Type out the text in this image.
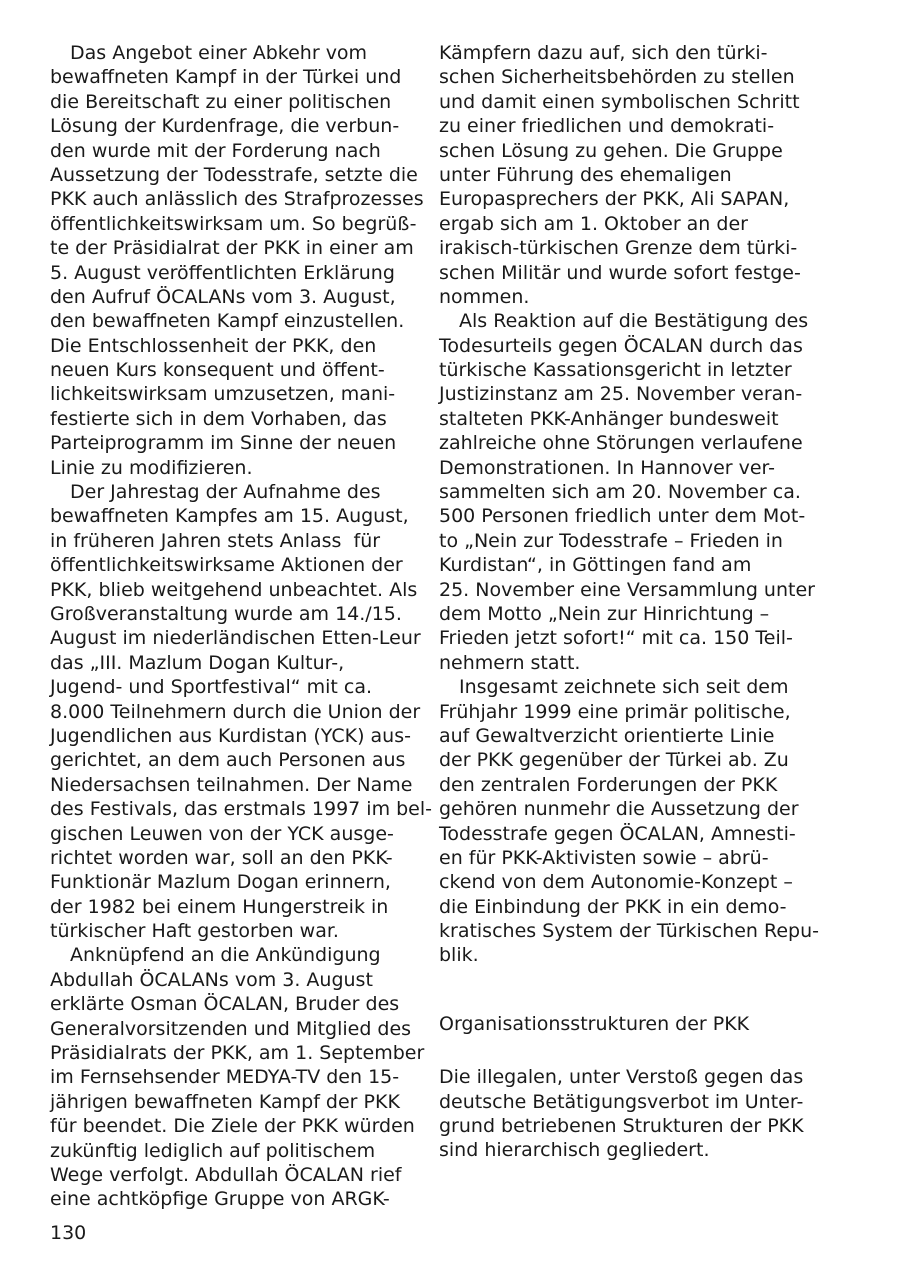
Das Angebot einer Abkehr vom
bewaffneten Kampf in der Türkei und
die Bereitschaft zu einer politischen
Lösung der Kurdenfrage, die verbun-
den wurde mit der Forderung nach
Aussetzung der Todesstrafe, setzte die
PKK auch anlässlich des Strafprozesses
öffentlichkeitswirksam um. So begrüß-
te der Präsidialrat der PKK in einer am
5. August veröffentlichten Erklärung
den Aufruf ÖCALANs vom 3. August,
den bewaffneten Kampf einzustellen.
Die Entschlossenheit der PKK, den
neuen Kurs konsequent und öffent-
lichkeitswirksam umzusetzen, mani-
festierte sich in dem Vorhaben, das
Parteiprogramm im Sinne der neuen
Linie zu modifizieren.
Der Jahrestag der Aufnahme des
bewaffneten Kampfes am 15. August,
in früheren Jahren stets Anlass  für
öffentlichkeitswirksame Aktionen der
PKK, blieb weitgehend unbeachtet. Als
Großveranstaltung wurde am 14./15.
August im niederländischen Etten-Leur
das „III. Mazlum Dogan Kultur-,
Jugend- und Sportfestival“ mit ca.
8.000 Teilnehmern durch die Union der
Jugendlichen aus Kurdistan (YCK) aus-
gerichtet, an dem auch Personen aus
Niedersachsen teilnahmen. Der Name
des Festivals, das erstmals 1997 im bel-
gischen Leuwen von der YCK ausge-
richtet worden war, soll an den PKK-
Funktionär Mazlum Dogan erinnern,
der 1982 bei einem Hungerstreik in
türkischer Haft gestorben war.
Anknüpfend an die Ankündigung
Abdullah ÖCALANs vom 3. August
erklärte Osman ÖCALAN, Bruder des
Generalvorsitzenden und Mitglied des
Präsidialrats der PKK, am 1. September
im Fernsehsender MEDYA-TV den 15-
jährigen bewaffneten Kampf der PKK
für beendet. Die Ziele der PKK würden
zukünftig lediglich auf politischem
Wege verfolgt. Abdullah ÖCALAN rief
eine achtköpfige Gruppe von ARGK-
Kämpfern dazu auf, sich den türki-
schen Sicherheitsbehörden zu stellen
und damit einen symbolischen Schritt
zu einer friedlichen und demokrati-
schen Lösung zu gehen. Die Gruppe
unter Führung des ehemaligen
Europasprechers der PKK, Ali SAPAN,
ergab sich am 1. Oktober an der
irakisch-türkischen Grenze dem türki-
schen Militär und wurde sofort festge-
nommen.
Als Reaktion auf die Bestätigung des
Todesurteils gegen ÖCALAN durch das
türkische Kassationsgericht in letzter
Justizinstanz am 25. November veran-
stalteten PKK-Anhänger bundesweit
zahlreiche ohne Störungen verlaufene
Demonstrationen. In Hannover ver-
sammelten sich am 20. November ca.
500 Personen friedlich unter dem Mot-
to „Nein zur Todesstrafe – Frieden in
Kurdistan“, in Göttingen fand am
25. November eine Versammlung unter
dem Motto „Nein zur Hinrichtung –
Frieden jetzt sofort!“ mit ca. 150 Teil-
nehmern statt.
Insgesamt zeichnete sich seit dem
Frühjahr 1999 eine primär politische,
auf Gewaltverzicht orientierte Linie
der PKK gegenüber der Türkei ab. Zu
den zentralen Forderungen der PKK
gehören nunmehr die Aussetzung der
Todesstrafe gegen ÖCALAN, Amnesti-
en für PKK-Aktivisten sowie – abrü-
ckend von dem Autonomie-Konzept –
die Einbindung der PKK in ein demo-
kratisches System der Türkischen Repu-
blik.
Organisationsstrukturen der PKK
Die illegalen, unter Verstoß gegen das
deutsche Betätigungsverbot im Unter-
grund betriebenen Strukturen der PKK
sind hierarchisch gegliedert.
130
